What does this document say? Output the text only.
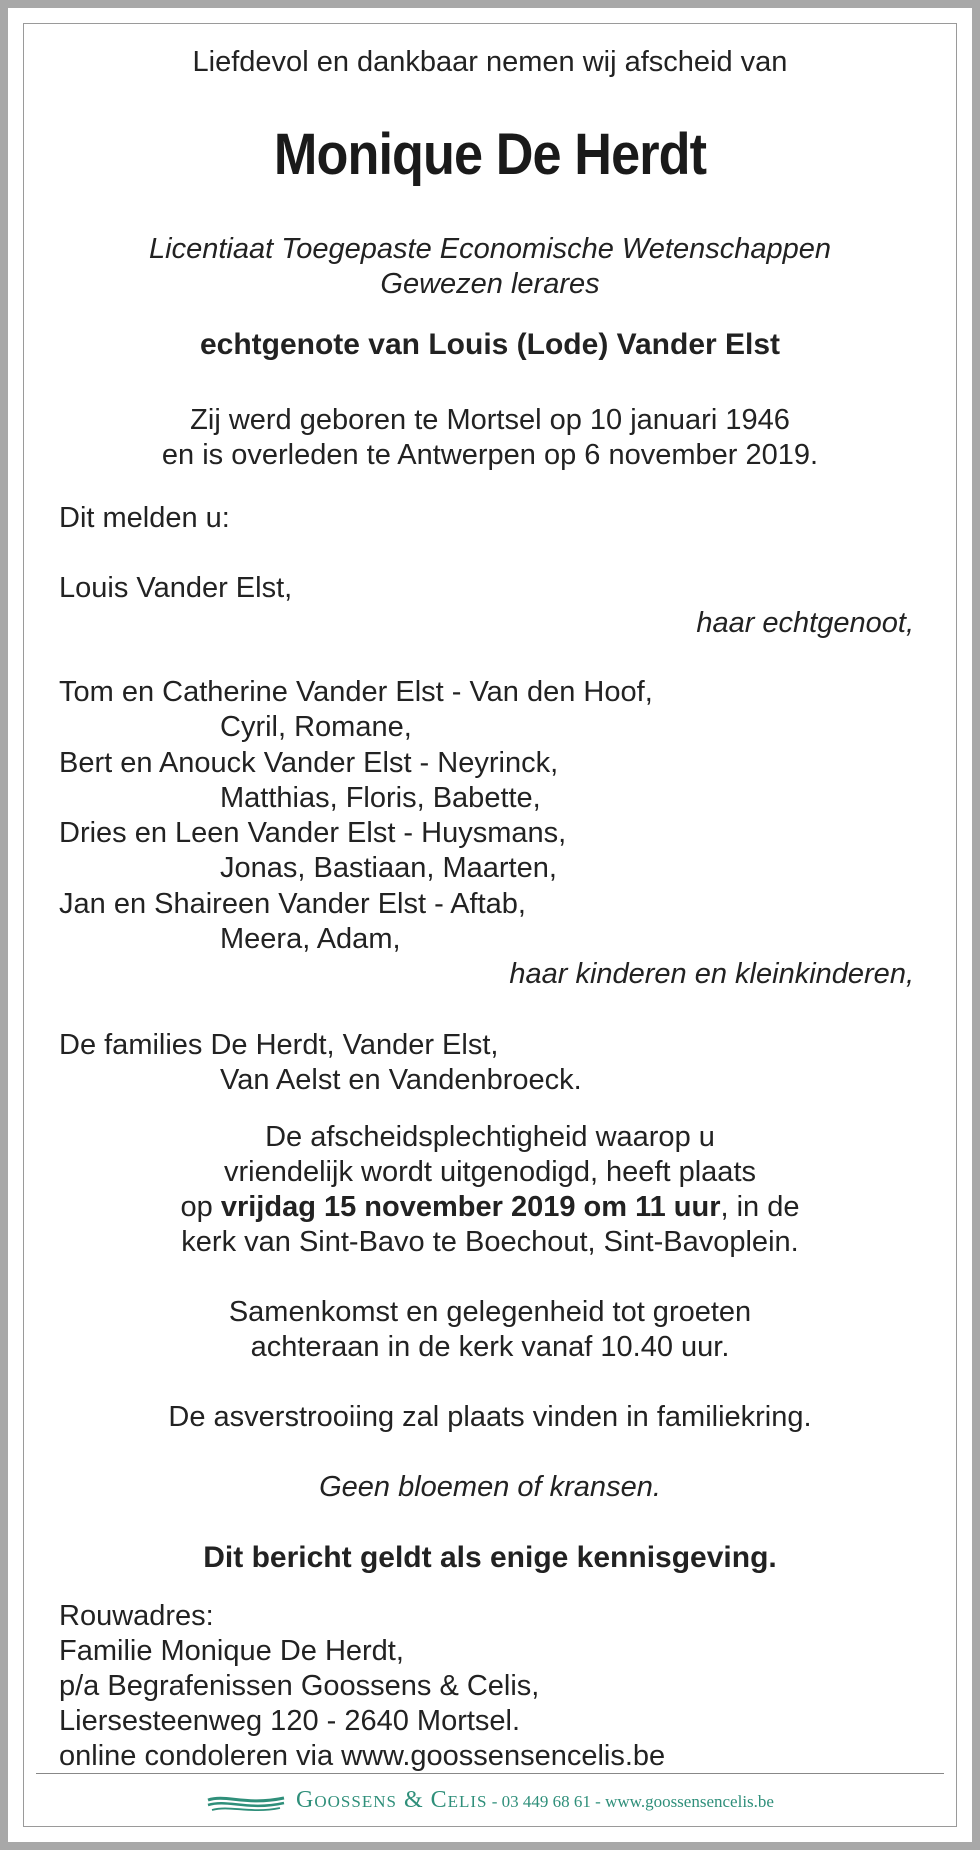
Liefdevol en dankbaar nemen wij afscheid van
Monique De Herdt
Licentiaat Toegepaste Economische Wetenschappen
Gewezen lerares
echtgenote van Louis (Lode) Vander Elst
Zij werd geboren te Mortsel op 10 januari 1946
en is overleden te Antwerpen op 6 november 2019.
Dit melden u:
Louis Vander Elst,
haar echtgenoot,
Tom en Catherine Vander Elst - Van den Hoof,
Cyril, Romane,
Bert en Anouck Vander Elst - Neyrinck,
Matthias, Floris, Babette,
Dries en Leen Vander Elst - Huysmans,
Jonas, Bastiaan, Maarten,
Jan en Shaireen Vander Elst - Aftab,
Meera, Adam,
haar kinderen en kleinkinderen,
De families De Herdt, Vander Elst,
Van Aelst en Vandenbroeck.
De afscheidsplechtigheid waarop u
vriendelijk wordt uitgenodigd, heeft plaats
op vrijdag 15 november 2019 om 11 uur, in de
kerk van Sint-Bavo te Boechout, Sint-Bavoplein.
Samenkomst en gelegenheid tot groeten
achteraan in de kerk vanaf 10.40 uur.
De asverstrooiing zal plaats vinden in familiekring.
Geen bloemen of kransen.
Dit bericht geldt als enige kennisgeving.
Rouwadres:
Familie Monique De Herdt,
p/a Begrafenissen Goossens & Celis,
Liersesteenweg 120 - 2640 Mortsel.
online condoleren via www.goossensencelis.be
Goossens & Celis - 03 449 68 61 - www.goossensencelis.be
